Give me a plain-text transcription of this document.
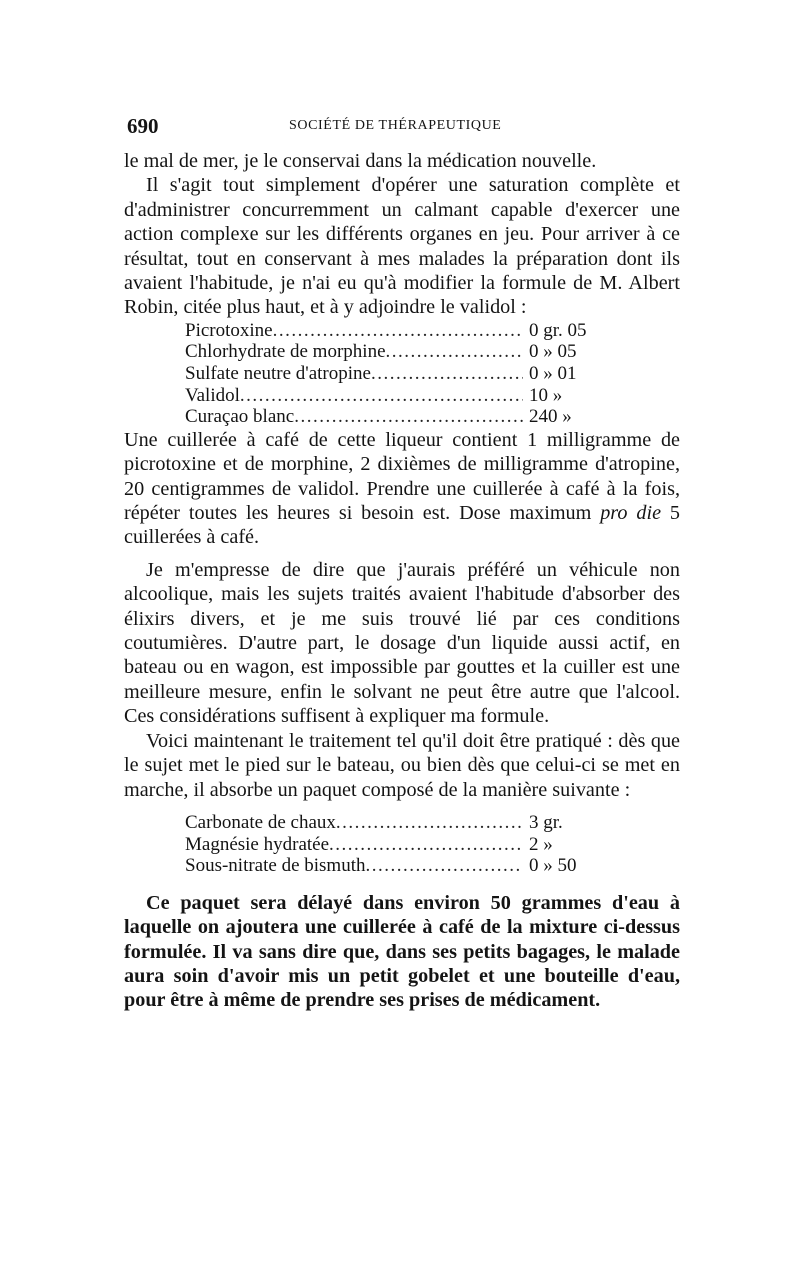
690	SOCIÉTÉ DE THÉRAPEUTIQUE

le mal de mer, je le conservai dans la médication nouvelle.

Il s'agit tout simplement d'opérer une saturation complète et d'administrer concurremment un calmant capable d'exercer une action complexe sur les différents organes en jeu. Pour arriver à ce résultat, tout en conservant à mes malades la préparation dont ils avaient l'habitude, je n'ai eu qu'à modifier la formule de M. Albert Robin, citée plus haut, et à y adjoindre le validol :

Picrotoxine .....	0 gr. 05
Chlorhydrate de morphine .....	0 » 05
Sulfate neutre d'atropine .....	0 » 01
Validol .....	10 »
Curaçao blanc .....	240 »

Une cuillerée à café de cette liqueur contient 1 milligramme de picrotoxine et de morphine, 2 dixièmes de milligramme d'atropine, 20 centigrammes de validol. Prendre une cuillerée à café à la fois, répéter toutes les heures si besoin est. Dose maximum pro die 5 cuillerées à café.

Je m'empresse de dire que j'aurais préféré un véhicule non alcoolique, mais les sujets traités avaient l'habitude d'absorber des élixirs divers, et je me suis trouvé lié par ces conditions coutumières. D'autre part, le dosage d'un liquide aussi actif, en bateau ou en wagon, est impossible par gouttes et la cuiller est une meilleure mesure, enfin le solvant ne peut être autre que l'alcool. Ces considérations suffisent à expliquer ma formule.

Voici maintenant le traitement tel qu'il doit être pratiqué : dès que le sujet met le pied sur le bateau, ou bien dès que celui-ci se met en marche, il absorbe un paquet composé de la manière suivante :

Carbonate de chaux .....	3 gr.
Magnésie hydratée .....	2 »
Sous-nitrate de bismuth .....	0 » 50

Ce paquet sera délayé dans environ 50 grammes d'eau à laquelle on ajoutera une cuillerée à café de la mixture ci-dessus formulée. Il va sans dire que, dans ses petits bagages, le malade aura soin d'avoir mis un petit gobelet et une bouteille d'eau, pour être à même de prendre ses prises de médicament.
